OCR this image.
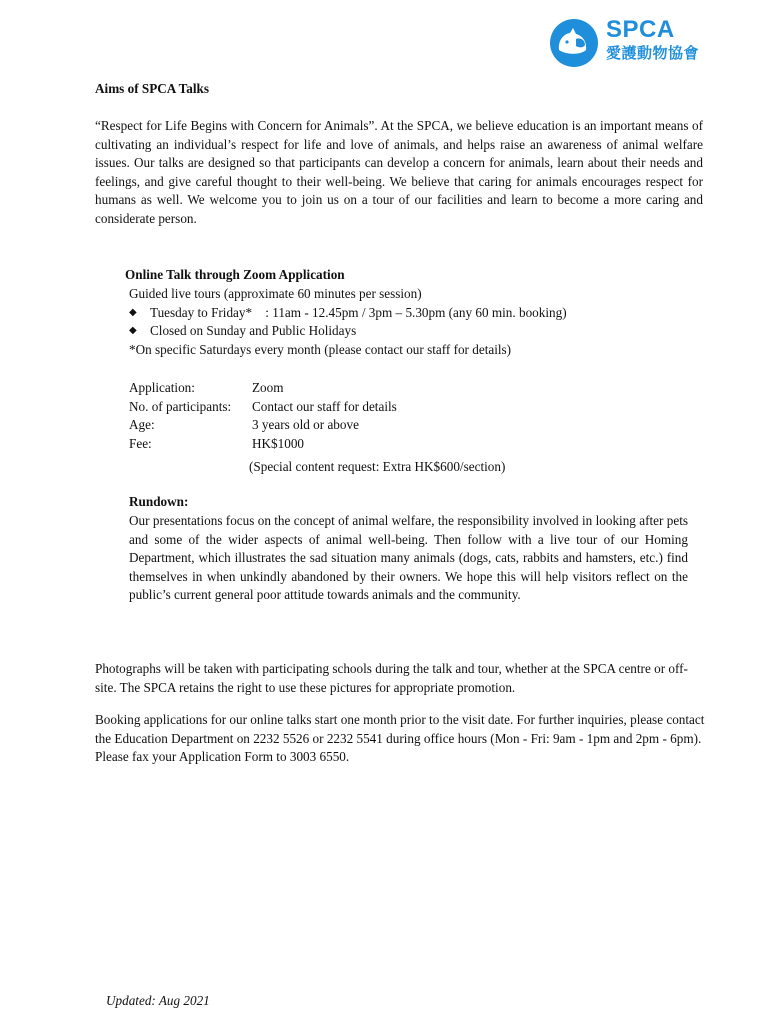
SPCA
愛護動物協會
Aims of SPCA Talks
“Respect for Life Begins with Concern for Animals”. At the SPCA, we believe education is an important means of cultivating an individual’s respect for life and love of animals, and helps raise an awareness of animal welfare issues. Our talks are designed so that participants can develop a concern for animals, learn about their needs and feelings, and give careful thought to their well-being. We believe that caring for animals encourages respect for humans as well. We welcome you to join us on a tour of our facilities and learn to become a more caring and considerate person.
Online Talk through Zoom Application
Guided live tours (approximate 60 minutes per session)
◆ Tuesday to Friday*    : 11am - 12.45pm / 3pm – 5.30pm (any 60 min. booking)
◆ Closed on Sunday and Public Holidays
*On specific Saturdays every month (please contact our staff for details)
Application:	Zoom
No. of participants:	Contact our staff for details
Age:	3 years old or above
Fee:	HK$1000
(Special content request: Extra HK$600/section)
Rundown:
Our presentations focus on the concept of animal welfare, the responsibility involved in looking after pets and some of the wider aspects of animal well-being. Then follow with a live tour of our Homing Department, which illustrates the sad situation many animals (dogs, cats, rabbits and hamsters, etc.) find themselves in when unkindly abandoned by their owners. We hope this will help visitors reflect on the public’s current general poor attitude towards animals and the community.
Photographs will be taken with participating schools during the talk and tour, whether at the SPCA centre or off-site. The SPCA retains the right to use these pictures for appropriate promotion.
Booking applications for our online talks start one month prior to the visit date. For further inquiries, please contact the Education Department on 2232 5526 or 2232 5541 during office hours (Mon - Fri: 9am - 1pm and 2pm - 6pm).
Please fax your Application Form to 3003 6550.
Updated: Aug 2021
